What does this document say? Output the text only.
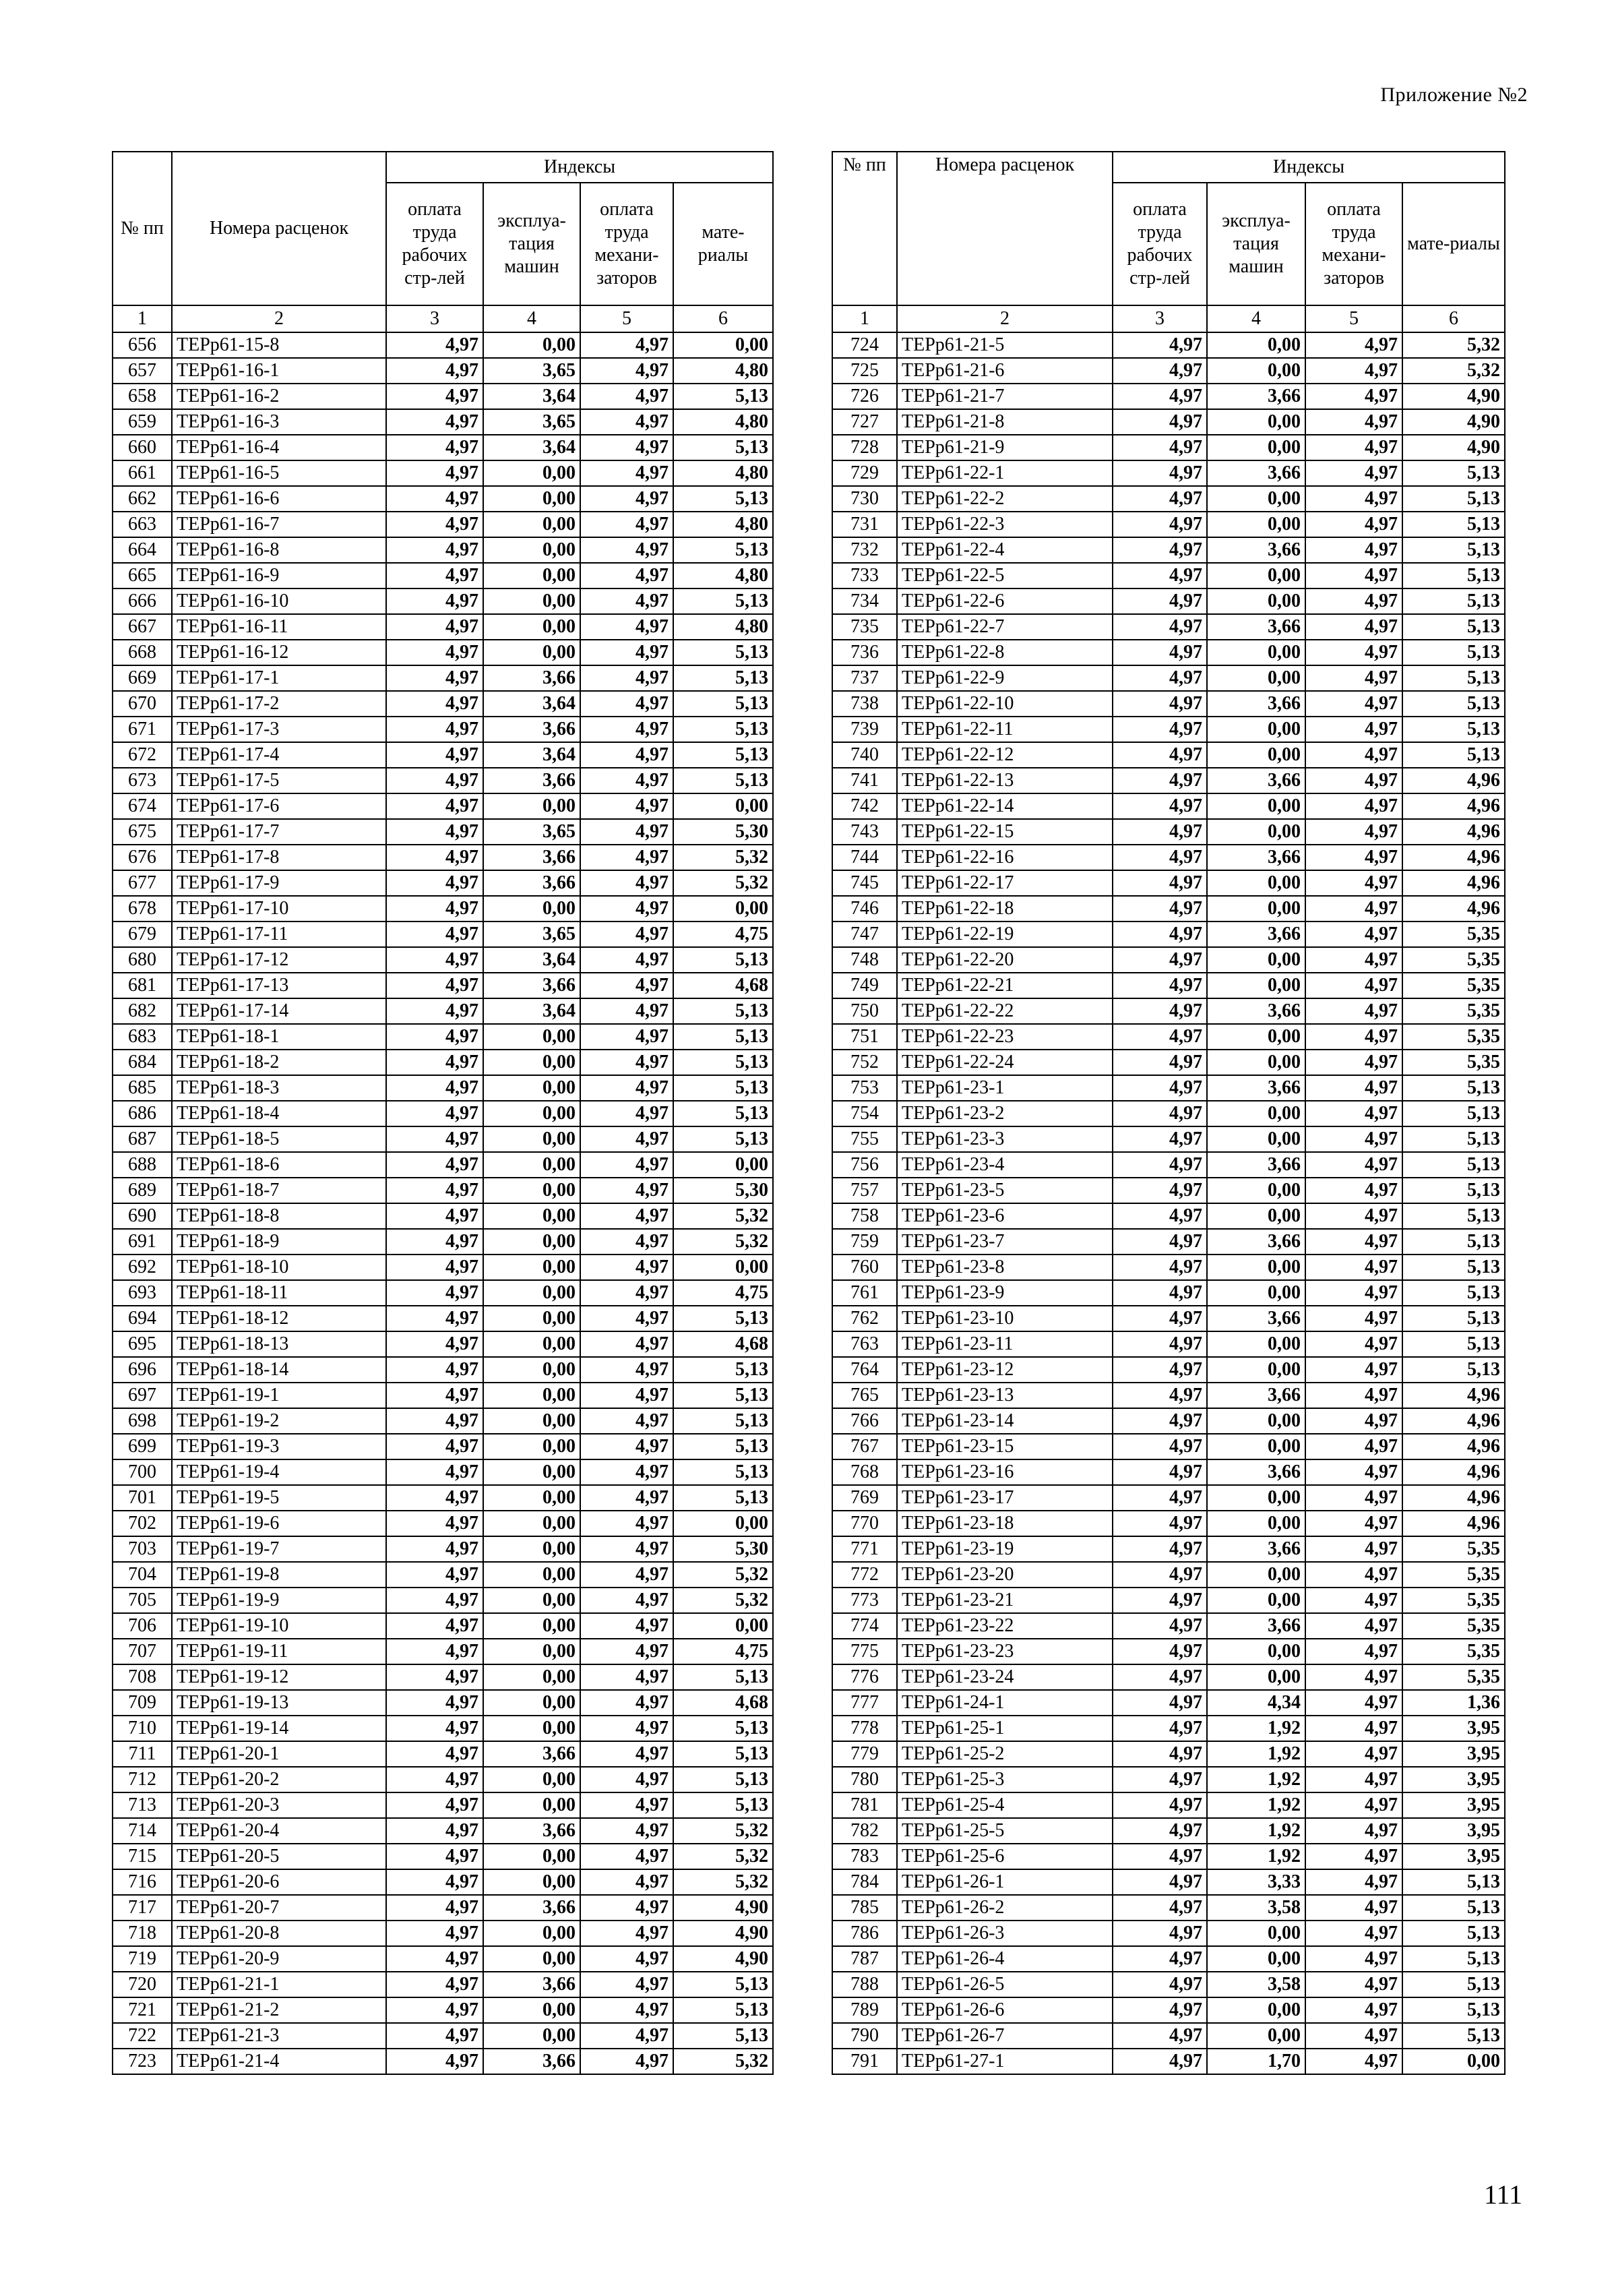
Приложение №2
№ пп	Номера расценок	Индексы			
		оплата труда рабочих стр-лей	эксплуа-тация машин	оплата труда механи-заторов	мате-риалы
1	2	3	4	5	6
656	ТЕРр61-15-8	4,97	0,00	4,97	0,00
657	ТЕРр61-16-1	4,97	3,65	4,97	4,80
658	ТЕРр61-16-2	4,97	3,64	4,97	5,13
659	ТЕРр61-16-3	4,97	3,65	4,97	4,80
660	ТЕРр61-16-4	4,97	3,64	4,97	5,13
661	ТЕРр61-16-5	4,97	0,00	4,97	4,80
662	ТЕРр61-16-6	4,97	0,00	4,97	5,13
663	ТЕРр61-16-7	4,97	0,00	4,97	4,80
664	ТЕРр61-16-8	4,97	0,00	4,97	5,13
665	ТЕРр61-16-9	4,97	0,00	4,97	4,80
666	ТЕРр61-16-10	4,97	0,00	4,97	5,13
667	ТЕРр61-16-11	4,97	0,00	4,97	4,80
668	ТЕРр61-16-12	4,97	0,00	4,97	5,13
669	ТЕРр61-17-1	4,97	3,66	4,97	5,13
670	ТЕРр61-17-2	4,97	3,64	4,97	5,13
671	ТЕРр61-17-3	4,97	3,66	4,97	5,13
672	ТЕРр61-17-4	4,97	3,64	4,97	5,13
673	ТЕРр61-17-5	4,97	3,66	4,97	5,13
674	ТЕРр61-17-6	4,97	0,00	4,97	0,00
675	ТЕРр61-17-7	4,97	3,65	4,97	5,30
676	ТЕРр61-17-8	4,97	3,66	4,97	5,32
677	ТЕРр61-17-9	4,97	3,66	4,97	5,32
678	ТЕРр61-17-10	4,97	0,00	4,97	0,00
679	ТЕРр61-17-11	4,97	3,65	4,97	4,75
680	ТЕРр61-17-12	4,97	3,64	4,97	5,13
681	ТЕРр61-17-13	4,97	3,66	4,97	4,68
682	ТЕРр61-17-14	4,97	3,64	4,97	5,13
683	ТЕРр61-18-1	4,97	0,00	4,97	5,13
684	ТЕРр61-18-2	4,97	0,00	4,97	5,13
685	ТЕРр61-18-3	4,97	0,00	4,97	5,13
686	ТЕРр61-18-4	4,97	0,00	4,97	5,13
687	ТЕРр61-18-5	4,97	0,00	4,97	5,13
688	ТЕРр61-18-6	4,97	0,00	4,97	0,00
689	ТЕРр61-18-7	4,97	0,00	4,97	5,30
690	ТЕРр61-18-8	4,97	0,00	4,97	5,32
691	ТЕРр61-18-9	4,97	0,00	4,97	5,32
692	ТЕРр61-18-10	4,97	0,00	4,97	0,00
693	ТЕРр61-18-11	4,97	0,00	4,97	4,75
694	ТЕРр61-18-12	4,97	0,00	4,97	5,13
695	ТЕРр61-18-13	4,97	0,00	4,97	4,68
696	ТЕРр61-18-14	4,97	0,00	4,97	5,13
697	ТЕРр61-19-1	4,97	0,00	4,97	5,13
698	ТЕРр61-19-2	4,97	0,00	4,97	5,13
699	ТЕРр61-19-3	4,97	0,00	4,97	5,13
700	ТЕРр61-19-4	4,97	0,00	4,97	5,13
701	ТЕРр61-19-5	4,97	0,00	4,97	5,13
702	ТЕРр61-19-6	4,97	0,00	4,97	0,00
703	ТЕРр61-19-7	4,97	0,00	4,97	5,30
704	ТЕРр61-19-8	4,97	0,00	4,97	5,32
705	ТЕРр61-19-9	4,97	0,00	4,97	5,32
706	ТЕРр61-19-10	4,97	0,00	4,97	0,00
707	ТЕРр61-19-11	4,97	0,00	4,97	4,75
708	ТЕРр61-19-12	4,97	0,00	4,97	5,13
709	ТЕРр61-19-13	4,97	0,00	4,97	4,68
710	ТЕРр61-19-14	4,97	0,00	4,97	5,13
711	ТЕРр61-20-1	4,97	3,66	4,97	5,13
712	ТЕРр61-20-2	4,97	0,00	4,97	5,13
713	ТЕРр61-20-3	4,97	0,00	4,97	5,13
714	ТЕРр61-20-4	4,97	3,66	4,97	5,32
715	ТЕРр61-20-5	4,97	0,00	4,97	5,32
716	ТЕРр61-20-6	4,97	0,00	4,97	5,32
717	ТЕРр61-20-7	4,97	3,66	4,97	4,90
718	ТЕРр61-20-8	4,97	0,00	4,97	4,90
719	ТЕРр61-20-9	4,97	0,00	4,97	4,90
720	ТЕРр61-21-1	4,97	3,66	4,97	5,13
721	ТЕРр61-21-2	4,97	0,00	4,97	5,13
722	ТЕРр61-21-3	4,97	0,00	4,97	5,13
723	ТЕРр61-21-4	4,97	3,66	4,97	5,32
№ пп	Номера расценок	Индексы			
		оплата труда рабочих стр-лей	эксплуа-тация машин	оплата труда механи-заторов	мате-риалы
1	2	3	4	5	6
724	ТЕРр61-21-5	4,97	0,00	4,97	5,32
725	ТЕРр61-21-6	4,97	0,00	4,97	5,32
726	ТЕРр61-21-7	4,97	3,66	4,97	4,90
727	ТЕРр61-21-8	4,97	0,00	4,97	4,90
728	ТЕРр61-21-9	4,97	0,00	4,97	4,90
729	ТЕРр61-22-1	4,97	3,66	4,97	5,13
730	ТЕРр61-22-2	4,97	0,00	4,97	5,13
731	ТЕРр61-22-3	4,97	0,00	4,97	5,13
732	ТЕРр61-22-4	4,97	3,66	4,97	5,13
733	ТЕРр61-22-5	4,97	0,00	4,97	5,13
734	ТЕРр61-22-6	4,97	0,00	4,97	5,13
735	ТЕРр61-22-7	4,97	3,66	4,97	5,13
736	ТЕРр61-22-8	4,97	0,00	4,97	5,13
737	ТЕРр61-22-9	4,97	0,00	4,97	5,13
738	ТЕРр61-22-10	4,97	3,66	4,97	5,13
739	ТЕРр61-22-11	4,97	0,00	4,97	5,13
740	ТЕРр61-22-12	4,97	0,00	4,97	5,13
741	ТЕРр61-22-13	4,97	3,66	4,97	4,96
742	ТЕРр61-22-14	4,97	0,00	4,97	4,96
743	ТЕРр61-22-15	4,97	0,00	4,97	4,96
744	ТЕРр61-22-16	4,97	3,66	4,97	4,96
745	ТЕРр61-22-17	4,97	0,00	4,97	4,96
746	ТЕРр61-22-18	4,97	0,00	4,97	4,96
747	ТЕРр61-22-19	4,97	3,66	4,97	5,35
748	ТЕРр61-22-20	4,97	0,00	4,97	5,35
749	ТЕРр61-22-21	4,97	0,00	4,97	5,35
750	ТЕРр61-22-22	4,97	3,66	4,97	5,35
751	ТЕРр61-22-23	4,97	0,00	4,97	5,35
752	ТЕРр61-22-24	4,97	0,00	4,97	5,35
753	ТЕРр61-23-1	4,97	3,66	4,97	5,13
754	ТЕРр61-23-2	4,97	0,00	4,97	5,13
755	ТЕРр61-23-3	4,97	0,00	4,97	5,13
756	ТЕРр61-23-4	4,97	3,66	4,97	5,13
757	ТЕРр61-23-5	4,97	0,00	4,97	5,13
758	ТЕРр61-23-6	4,97	0,00	4,97	5,13
759	ТЕРр61-23-7	4,97	3,66	4,97	5,13
760	ТЕРр61-23-8	4,97	0,00	4,97	5,13
761	ТЕРр61-23-9	4,97	0,00	4,97	5,13
762	ТЕРр61-23-10	4,97	3,66	4,97	5,13
763	ТЕРр61-23-11	4,97	0,00	4,97	5,13
764	ТЕРр61-23-12	4,97	0,00	4,97	5,13
765	ТЕРр61-23-13	4,97	3,66	4,97	4,96
766	ТЕРр61-23-14	4,97	0,00	4,97	4,96
767	ТЕРр61-23-15	4,97	0,00	4,97	4,96
768	ТЕРр61-23-16	4,97	3,66	4,97	4,96
769	ТЕРр61-23-17	4,97	0,00	4,97	4,96
770	ТЕРр61-23-18	4,97	0,00	4,97	4,96
771	ТЕРр61-23-19	4,97	3,66	4,97	5,35
772	ТЕРр61-23-20	4,97	0,00	4,97	5,35
773	ТЕРр61-23-21	4,97	0,00	4,97	5,35
774	ТЕРр61-23-22	4,97	3,66	4,97	5,35
775	ТЕРр61-23-23	4,97	0,00	4,97	5,35
776	ТЕРр61-23-24	4,97	0,00	4,97	5,35
777	ТЕРр61-24-1	4,97	4,34	4,97	1,36
778	ТЕРр61-25-1	4,97	1,92	4,97	3,95
779	ТЕРр61-25-2	4,97	1,92	4,97	3,95
780	ТЕРр61-25-3	4,97	1,92	4,97	3,95
781	ТЕРр61-25-4	4,97	1,92	4,97	3,95
782	ТЕРр61-25-5	4,97	1,92	4,97	3,95
783	ТЕРр61-25-6	4,97	1,92	4,97	3,95
784	ТЕРр61-26-1	4,97	3,33	4,97	5,13
785	ТЕРр61-26-2	4,97	3,58	4,97	5,13
786	ТЕРр61-26-3	4,97	0,00	4,97	5,13
787	ТЕРр61-26-4	4,97	0,00	4,97	5,13
788	ТЕРр61-26-5	4,97	3,58	4,97	5,13
789	ТЕРр61-26-6	4,97	0,00	4,97	5,13
790	ТЕРр61-26-7	4,97	0,00	4,97	5,13
791	ТЕРр61-27-1	4,97	1,70	4,97	0,00
111
